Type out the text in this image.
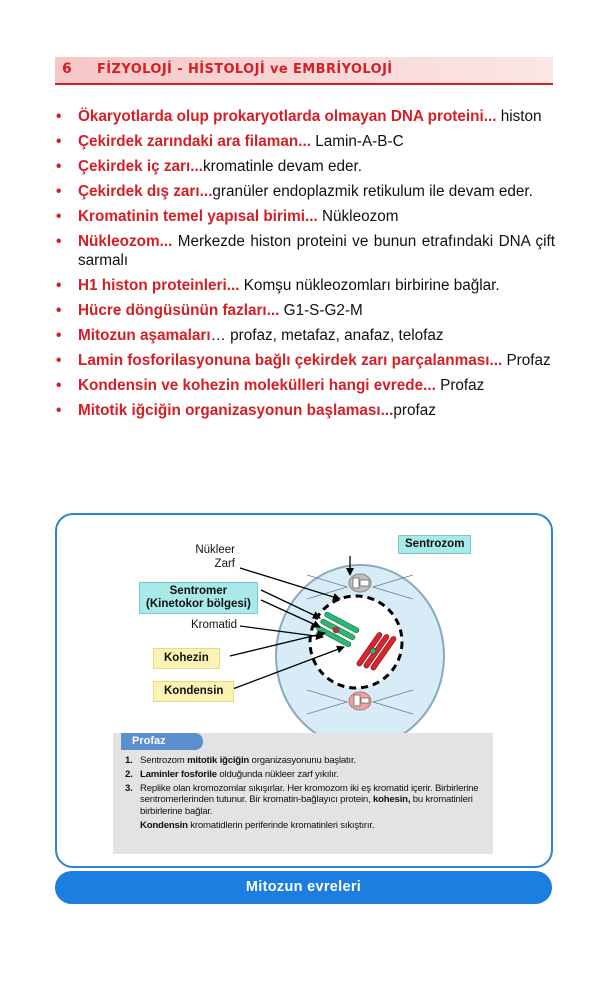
6 FİZYOLOJİ - HİSTOLOJİ ve EMBRİYOLOJİ
• Ökaryotlarda olup prokaryotlarda olmayan DNA proteini... histon
• Çekirdek zarındaki ara filaman... Lamin-A-B-C
• Çekirdek iç zarı...kromatinle devam eder.
• Çekirdek dış zarı...granüler endoplazmik retikulum ile devam eder.
• Kromatinin temel yapısal birimi... Nükleozom
• Nükleozom... Merkezde histon proteini ve bunun etrafındaki DNA çift sarmalı
• H1 histon proteinleri... Komşu nükleozomları birbirine bağlar.
• Hücre döngüsünün fazları... G1-S-G2-M
• Mitozun aşamaları… profaz, metafaz, anafaz, telofaz
• Lamin fosforilasyonuna bağlı çekirdek zarı parçalanması... Profaz
• Kondensin ve kohezin molekülleri hangi evrede... Profaz
• Mitotik iğciğin organizasyonun başlaması...profaz
Nükleer
Zarf
Sentrozom
Sentromer
(Kinetokor bölgesi)
Kromatid
Kohezin
Kondensin
Profaz
1. Sentrozom mitotik iğciğin organizasyonunu başlatır.
2. Laminler fosforile olduğunda nükleer zarf yıkılır.
3. Replike olan kromozomlar sıkışırlar. Her kromozom iki eş kromatid içerir. Birbirlerine sentromerlerinden tutunur. Bir kromatin-bağlayıcı protein, kohesin, bu kromatinleri birbirlerine bağlar.
Kondensin kromatidlerin periferinde kromatinleri sıkıştırır.
Mitozun evreleri
